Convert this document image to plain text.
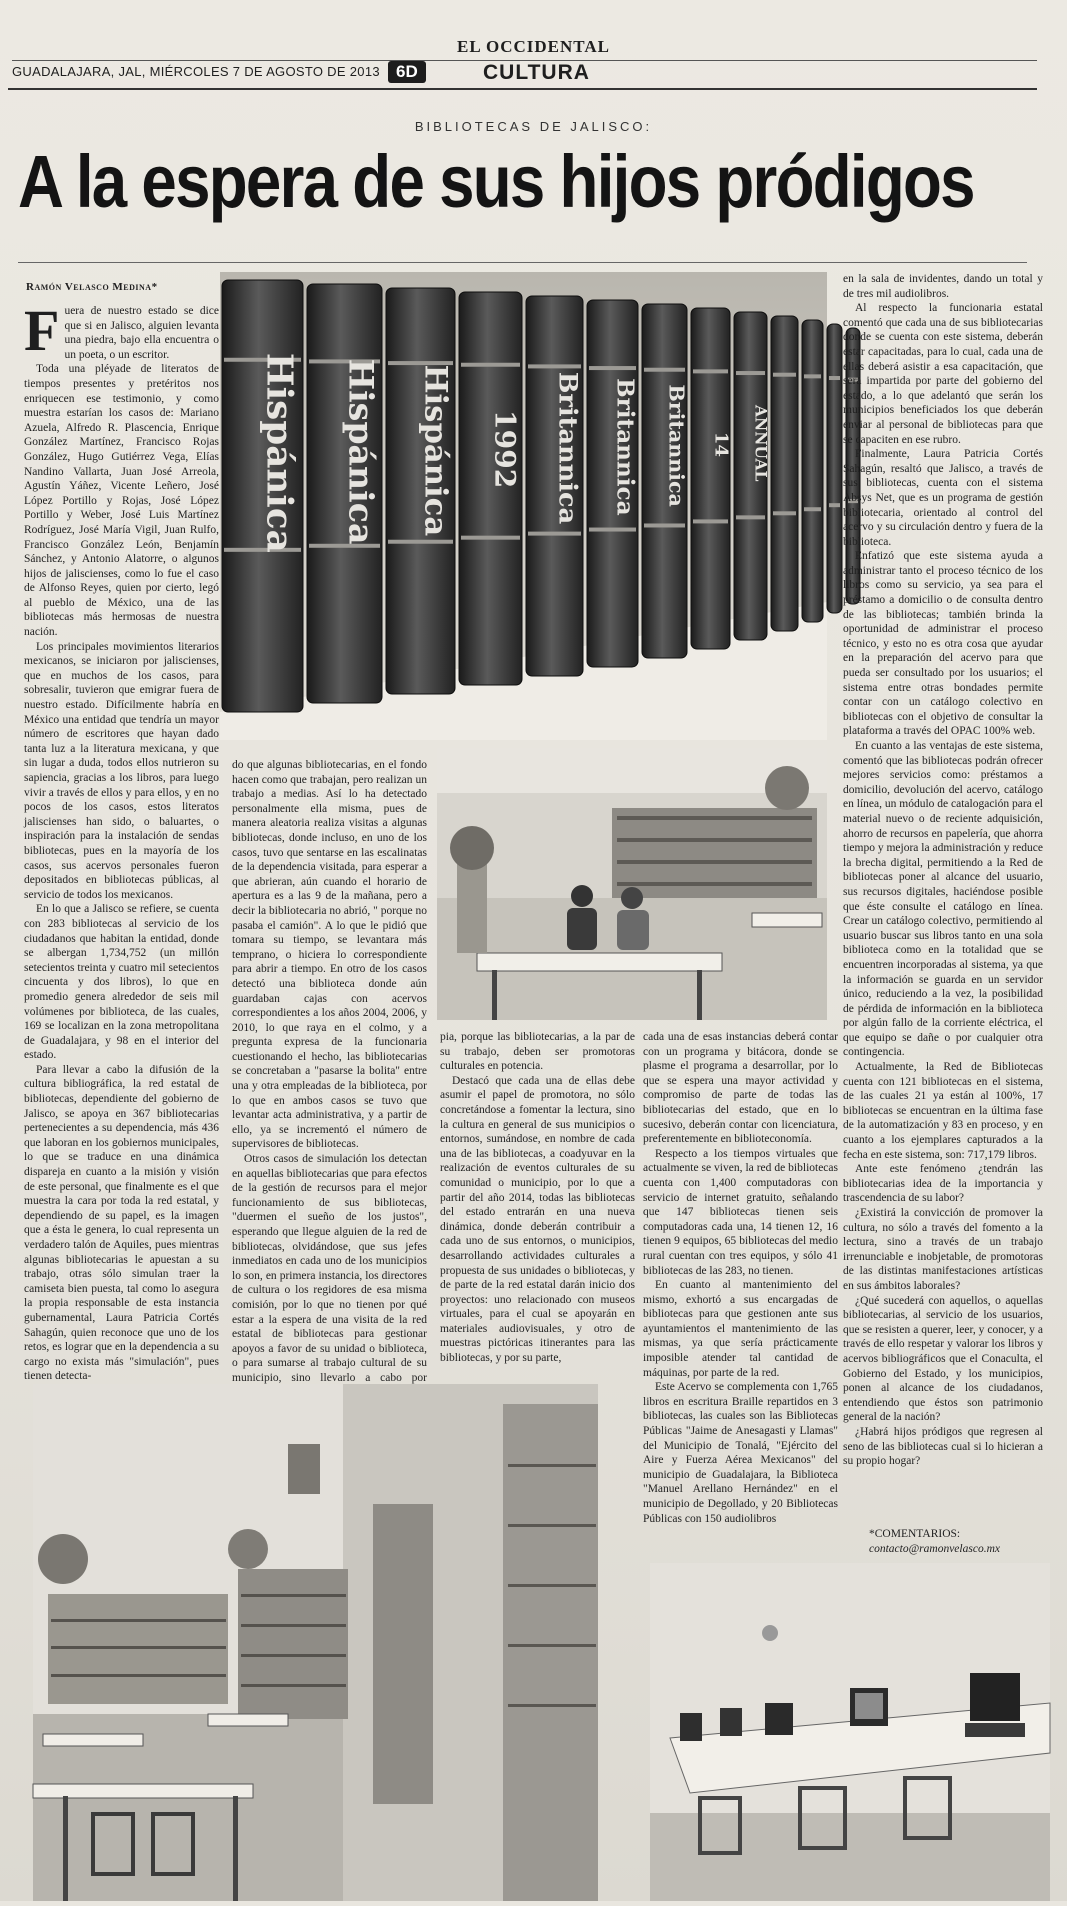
EL OCCIDENTAL
GUADALAJARA, JAL, MIÉRCOLES 7 DE AGOSTO DE 2013 6D	CULTURA
BIBLIOTECAS DE JALISCO:
A la espera de sus hijos pródigos
Ramón Velasco Medina*

Fuera de nuestro estado se dice que si en Jalisco, alguien levanta una piedra, bajo ella encuentra o un poeta, o un escritor.

Toda una pléyade de literatos de tiempos presentes y pretéritos nos enriquecen ese testimonio, y como muestra estarían los casos de: Mariano Azuela, Alfredo R. Plascencia, Enrique González Martínez, Francisco Rojas González, Hugo Gutiérrez Vega, Elías Nandino Vallarta, Juan José Arreola, Agustín Yáñez, Vicente Leñero, José López Portillo y Rojas, José López Portillo y Weber, José Luis Martínez Rodríguez, José María Vigil, Juan Rulfo, Francisco González León, Benjamín Sánchez, y Antonio Alatorre, o algunos hijos de jaliscienses, como lo fue el caso de Alfonso Reyes, quien por cierto, legó al pueblo de México, una de las bibliotecas más hermosas de nuestra nación.

Los principales movimientos literarios mexicanos, se iniciaron por jaliscienses, que en muchos de los casos, para sobresalir, tuvieron que emigrar fuera de nuestro estado. Difícilmente habría en México una entidad que tendría un mayor número de escritores que hayan dado tanta luz a la literatura mexicana, y que sin lugar a duda, todos ellos nutrieron su sapiencia, gracias a los libros, para luego vivir a través de ellos y para ellos, y en no pocos de los casos, estos literatos jaliscienses han sido, o baluartes, o inspiración para la instalación de sendas bibliotecas, pues en la mayoría de los casos, sus acervos personales fueron depositados en bibliotecas públicas, al servicio de todos los mexicanos.

En lo que a Jalisco se refiere, se cuenta con 283 bibliotecas al servicio de los ciudadanos que habitan la entidad, donde se albergan 1,734,752 (un millón setecientos treinta y cuatro mil setecientos cincuenta y dos libros), lo que en promedio genera alrededor de seis mil volúmenes por biblioteca, de las cuales, 169 se localizan en la zona metropolitana de Guadalajara, y 98 en el interior del estado.

Para llevar a cabo la difusión de la cultura bibliográfica, la red estatal de bibliotecas, dependiente del gobierno de Jalisco, se apoya en 367 bibliotecarias pertenecientes a su dependencia, más 436 que laboran en los gobiernos municipales, lo que se traduce en una dinámica dispareja en cuanto a la misión y visión de este personal, que finalmente es el que muestra la cara por toda la red estatal, y dependiendo de su papel, es la imagen que a ésta le genera, lo cual representa un verdadero talón de Aquiles, pues mientras algunas bibliotecarias le apuestan a su trabajo, otras sólo simulan traer la camiseta bien puesta, tal como lo asegura la propia responsable de esta instancia gubernamental, Laura Patricia Cortés Sahagún, quien reconoce que uno de los retos, es lograr que en la dependencia a su cargo no exista más "simulación", pues tienen detecta-

Hispánica Hispánica Hispánica 1992 Britannica Britannica Britannica 14 ANNUAL

do que algunas bibliotecarias, en el fondo hacen como que trabajan, pero realizan un trabajo a medias. Así lo ha detectado personalmente ella misma, pues de manera aleatoria realiza visitas a algunas bibliotecas, donde incluso, en uno de los casos, tuvo que sentarse en las escalinatas de la dependencia visitada, para esperar a que abrieran, aún cuando el horario de apertura es a las 9 de la mañana, pero a decir la bibliotecaria no abrió, " porque no pasaba el camión". A lo que le pidió que tomara su tiempo, se levantara más temprano, o hiciera lo correspondiente para abrir a tiempo. En otro de los casos detectó una biblioteca donde aún guardaban cajas con acervos correspondientes a los años 2004, 2006, y 2010, lo que raya en el colmo, y a pregunta expresa de la funcionaria cuestionando el hecho, las bibliotecarias se concretaban a "pasarse la bolita" entre una y otra empleadas de la biblioteca, por lo que en ambos casos se tuvo que levantar acta administrativa, y a partir de ello, ya se incrementó el número de supervisores de bibliotecas.

Otros casos de simulación los detectan en aquellas bibliotecarias que para efectos de la gestión de recursos para el mejor funcionamiento de sus bibliotecas, "duermen el sueño de los justos", esperando que llegue alguien de la red de bibliotecas, olvidándose, que sus jefes inmediatos en cada uno de los municipios lo son, en primera instancia, los directores de cultura o los regidores de esa misma comisión, por lo que no tienen por qué estar a la espera de una visita de la red estatal de bibliotecas para gestionar apoyos a favor de su unidad o biblioteca, o para sumarse al trabajo cultural de su municipio, sino llevarlo a cabo por

pia, porque las bibliotecarias, a la par de su trabajo, deben ser promotoras culturales en potencia.

Destacó que cada una de ellas debe asumir el papel de promotora, no sólo concretándose a fomentar la lectura, sino la cultura en general de sus municipios o entornos, sumándose, en nombre de cada una de las bibliotecas, a coadyuvar en la realización de eventos culturales de su comunidad o municipio, por lo que a partir del año 2014, todas las bibliotecas del estado entrarán en una nueva dinámica, donde deberán contribuir a cada uno de sus entornos, o municipios, desarrollando actividades culturales a propuesta de sus unidades o bibliotecas, y de parte de la red estatal darán inicio dos proyectos: uno relacionado con museos virtuales, para el cual se apoyarán en materiales audiovisuales, y otro de muestras pictóricas itinerantes para las bibliotecas, y por su parte,

cada una de esas instancias deberá contar con un programa y bitácora, donde se plasme el programa a desarrollar, por lo que se espera una mayor actividad y compromiso de parte de todas las bibliotecarias del estado, que en lo sucesivo, deberán contar con licenciatura, preferentemente en biblioteconomía.

Respecto a los tiempos virtuales que actualmente se viven, la red de bibliotecas cuenta con 1,400 computadoras con servicio de internet gratuito, señalando que 147 bibliotecas tienen seis computadoras cada una, 14 tienen 12, 16 tienen 9 equipos, 65 bibliotecas del medio rural cuentan con tres equipos, y sólo 41 bibliotecas de las 283, no tienen.

En cuanto al mantenimiento del mismo, exhortó a sus encargadas de bibliotecas para que gestionen ante sus ayuntamientos el mantenimiento de las mismas, ya que sería prácticamente imposible atender tal cantidad de máquinas, por parte de la red.

Este Acervo se complementa con 1,765 libros en escritura Braille repartidos en 3 bibliotecas, las cuales son las Bibliotecas Públicas "Jaime de Anesagasti y Llamas" del Municipio de Tonalá, "Ejército del Aire y Fuerza Aérea Mexicanos" del municipio de Guadalajara, la Biblioteca "Manuel Arellano Hernández" en el municipio de Degollado, y 20 Bibliotecas Públicas con 150 audiolibros

en la sala de invidentes, dando un total y de tres mil audiolibros.

Al respecto la funcionaria estatal comentó que cada una de sus bibliotecarias donde se cuenta con este sistema, deberán estar capacitadas, para lo cual, cada una de ellas deberá asistir a esa capacitación, que será impartida por parte del gobierno del estado, a lo que adelantó que serán los municipios beneficiados los que deberán enviar al personal de bibliotecas para que se capaciten en ese rubro.

Finalmente, Laura Patricia Cortés Sahagún, resaltó que Jalisco, a través de sus bibliotecas, cuenta con el sistema Absys Net, que es un programa de gestión bibliotecaria, orientado al control del acervo y su circulación dentro y fuera de la biblioteca.

Enfatizó que este sistema ayuda a administrar tanto el proceso técnico de los libros como su servicio, ya sea para el préstamo a domicilio o de consulta dentro de las bibliotecas; también brinda la oportunidad de administrar el proceso técnico, y esto no es otra cosa que ayudar en la preparación del acervo para que pueda ser consultado por los usuarios; el sistema entre otras bondades permite contar con un catálogo colectivo en bibliotecas con el objetivo de consultar la plataforma a través del OPAC 100% web.

En cuanto a las ventajas de este sistema, comentó que las bibliotecas podrán ofrecer mejores servicios como: préstamos a domicilio, devolución del acervo, catálogo en línea, un módulo de catalogación para el material nuevo o de reciente adquisición, ahorro de recursos en papelería, que ahorra tiempo y mejora la administración y reduce la brecha digital, permitiendo a la Red de bibliotecas poner al alcance del usuario, sus recursos digitales, haciéndose posible que éste consulte el catálogo en línea. Crear un catálogo colectivo, permitiendo al usuario buscar sus libros tanto en una sola biblioteca como en la totalidad que se encuentren incorporadas al sistema, ya que la información se guarda en un servidor único, reduciendo a la vez, la posibilidad de pérdida de información en la biblioteca por algún fallo de la corriente eléctrica, el que equipo se dañe o por cualquier otra contingencia.

Actualmente, la Red de Bibliotecas cuenta con 121 bibliotecas en el sistema, de las cuales 21 ya están al 100%, 17 bibliotecas se encuentran en la última fase de la automatización y 83 en proceso, y en cuanto a los ejemplares capturados a la fecha en este sistema, son: 717,179 libros.

Ante este fenómeno ¿tendrán las bibliotecarias idea de la importancia y trascendencia de su labor?

¿Existirá la convicción de promover la cultura, no sólo a través del fomento a la lectura, sino a través de un trabajo irrenunciable e inobjetable, de promotoras de las distintas manifestaciones artísticas en sus ámbitos laborales?

¿Qué sucederá con aquellos, o aquellas bibliotecarias, al servicio de los usuarios, que se resisten a querer, leer, y conocer, y a través de ello respetar y valorar los libros y acervos bibliográficos que el Conaculta, el Gobierno del Estado, y los municipios, ponen al alcance de los ciudadanos, entendiendo que éstos son patrimonio general de la nación?

¿Habrá hijos pródigos que regresen al seno de las bibliotecas cual si lo hicieran a su propio hogar?

*COMENTARIOS:
contacto@ramonvelasco.mx
